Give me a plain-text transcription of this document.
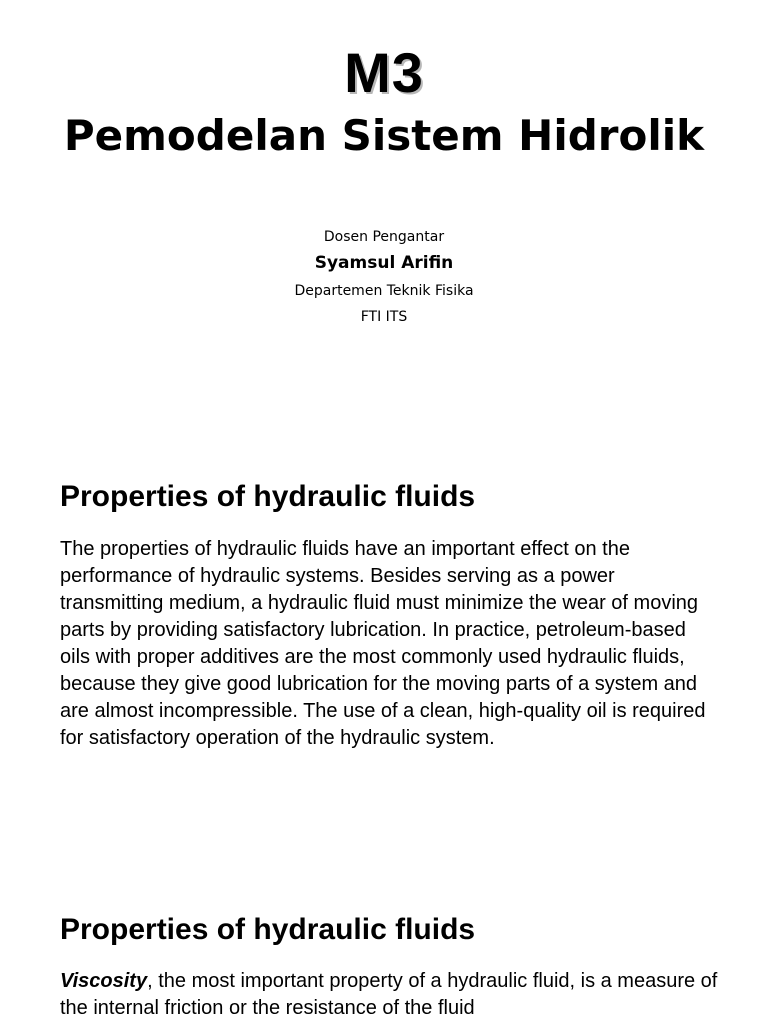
M3
Pemodelan Sistem Hidrolik
Dosen Pengantar
Syamsul Arifin
Departemen Teknik Fisika
FTI ITS
Properties of hydraulic fluids

The properties of hydraulic fluids have an important effect on the performance of hydraulic systems. Besides serving as a power transmitting medium, a hydraulic fluid must minimize the wear of moving parts by providing satisfactory lubrication. In practice, petroleum-based oils with proper additives are the most commonly used hydraulic fluids, because they give good lubrication for the moving parts of a system and are almost incompressible. The use of a clean, high-quality oil is required for satisfactory operation of the hydraulic system.

Properties of hydraulic fluids

Viscosity, the most important property of a hydraulic fluid, is a measure of the internal friction or the resistance of the fluid
